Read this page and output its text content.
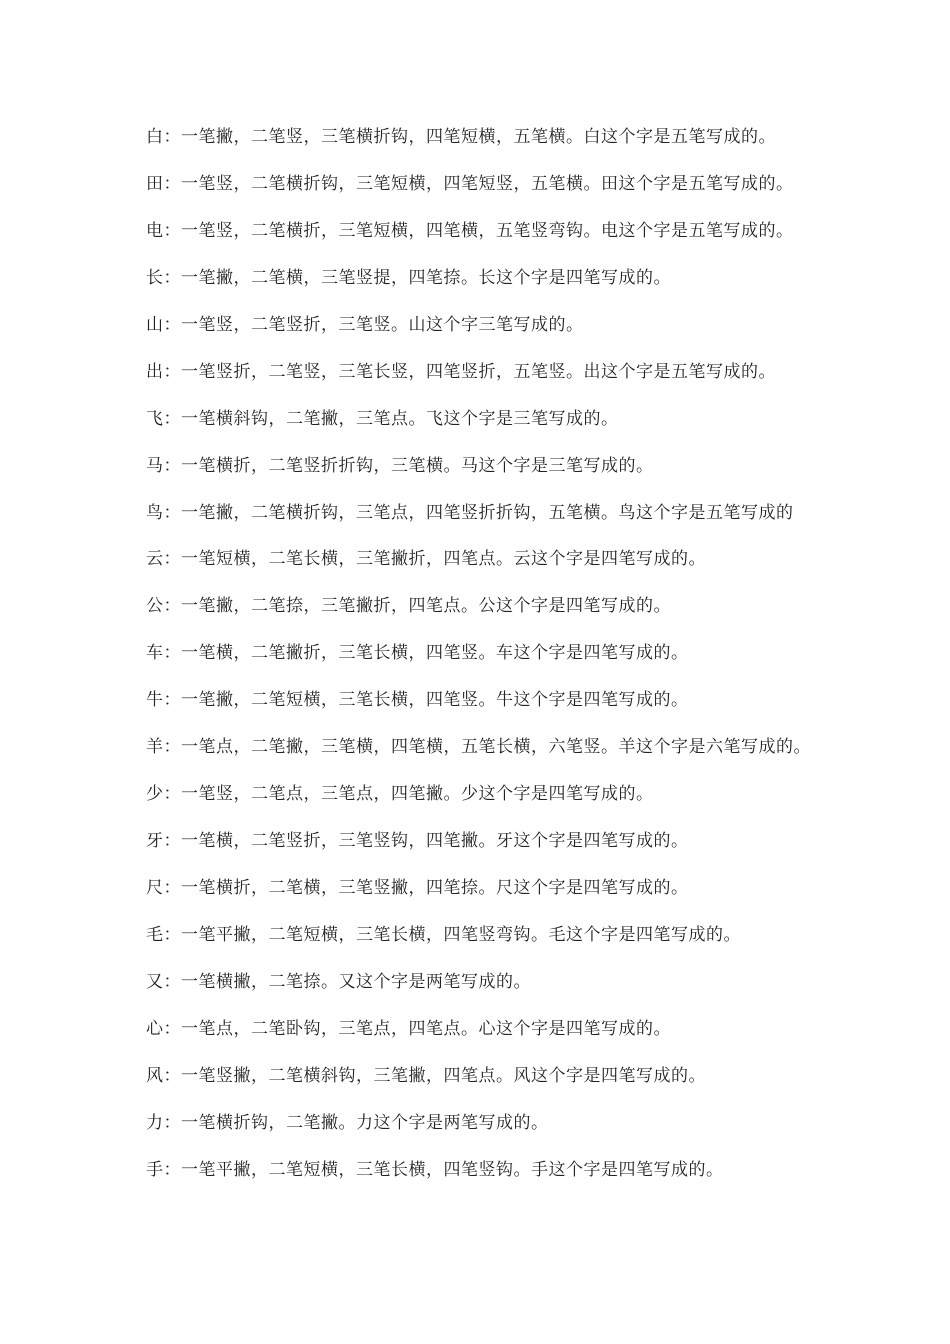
白：一笔撇，二笔竖，三笔横折钩，四笔短横，五笔横。白这个字是五笔写成的。
田：一笔竖，二笔横折钩，三笔短横，四笔短竖，五笔横。田这个字是五笔写成的。
电：一笔竖，二笔横折，三笔短横，四笔横，五笔竖弯钩。电这个字是五笔写成的。
长：一笔撇，二笔横，三笔竖提，四笔捺。长这个字是四笔写成的。
山：一笔竖，二笔竖折，三笔竖。山这个字三笔写成的。
出：一笔竖折，二笔竖，三笔长竖，四笔竖折，五笔竖。出这个字是五笔写成的。
飞：一笔横斜钩，二笔撇，三笔点。飞这个字是三笔写成的。
马：一笔横折，二笔竖折折钩，三笔横。马这个字是三笔写成的。
鸟：一笔撇，二笔横折钩，三笔点，四笔竖折折钩，五笔横。鸟这个字是五笔写成的
云：一笔短横，二笔长横，三笔撇折，四笔点。云这个字是四笔写成的。
公：一笔撇，二笔捺，三笔撇折，四笔点。公这个字是四笔写成的。
车：一笔横，二笔撇折，三笔长横，四笔竖。车这个字是四笔写成的。
牛：一笔撇，二笔短横，三笔长横，四笔竖。牛这个字是四笔写成的。
羊：一笔点，二笔撇，三笔横，四笔横，五笔长横，六笔竖。羊这个字是六笔写成的。
少：一笔竖，二笔点，三笔点，四笔撇。少这个字是四笔写成的。
牙：一笔横，二笔竖折，三笔竖钩，四笔撇。牙这个字是四笔写成的。
尺：一笔横折，二笔横，三笔竖撇，四笔捺。尺这个字是四笔写成的。
毛：一笔平撇，二笔短横，三笔长横，四笔竖弯钩。毛这个字是四笔写成的。
又：一笔横撇，二笔捺。又这个字是两笔写成的。
心：一笔点，二笔卧钩，三笔点，四笔点。心这个字是四笔写成的。
风：一笔竖撇，二笔横斜钩，三笔撇，四笔点。风这个字是四笔写成的。
力：一笔横折钩，二笔撇。力这个字是两笔写成的。
手：一笔平撇，二笔短横，三笔长横，四笔竖钩。手这个字是四笔写成的。
